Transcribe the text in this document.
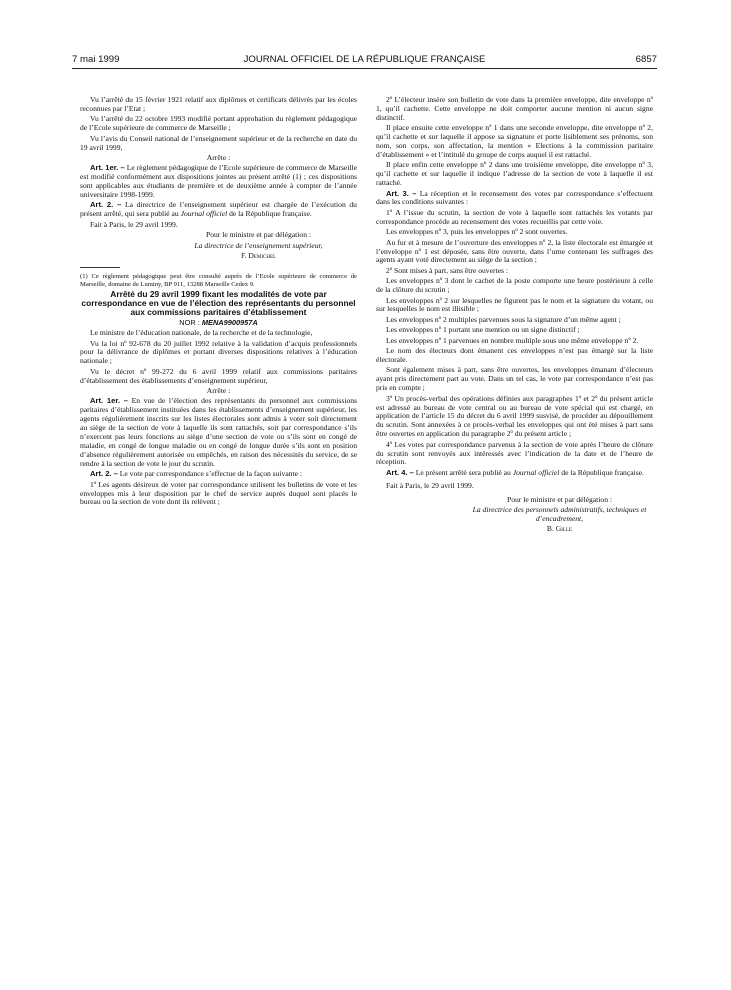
7 mai 1999	JOURNAL OFFICIEL DE LA RÉPUBLIQUE FRANÇAISE	6857

Vu l’arrêté du 15 février 1921 relatif aux diplômes et certificats délivrés par les écoles reconnues par l’Etat ;

Vu l’arrêté du 22 octobre 1993 modifié portant approbation du règlement pédagogique de l’Ecole supérieure de commerce de Marseille ;

Vu l’avis du Conseil national de l’enseignement supérieur et de la recherche en date du 19 avril 1999,

Arrête :

Art. 1er. – Le règlement pédagogique de l’Ecole supérieure de commerce de Marseille est modifié conformément aux dispositions jointes au présent arrêté (1) ; ces dispositions sont applicables aux étudiants de première et de deuxième année à compter de l’année universitaire 1998-1999.

Art. 2. – La directrice de l’enseignement supérieur est chargée de l’exécution du présent arrêté, qui sera publié au Journal officiel de la République française.

Fait à Paris, le 29 avril 1999.

Pour le ministre et par délégation :

La directrice de l’enseignement supérieur,

F. Demichel

(1) Ce règlement pédagogique peut être consulté auprès de l’Ecole supérieure de commerce de Marseille, domaine de Luminy, BP 911, 13288 Marseille Cedex 9.

Arrêté du 29 avril 1999 fixant les modalités de vote par correspondance en vue de l’élection des représentants du personnel aux commissions paritaires d’établissement

NOR : MENA9900957A

Le ministre de l’éducation nationale, de la recherche et de la technologie,

Vu la loi nº 92-678 du 20 juillet 1992 relative à la validation d’acquis professionnels pour la délivrance de diplômes et portant diverses dispositions relatives à l’éducation nationale ;

Vu le décret nº 99-272 du 6 avril 1999 relatif aux commissions paritaires d’établissement des établissements d’enseignement supérieur,

Arrête :

Art. 1er. – En vue de l’élection des représentants du personnel aux commissions paritaires d’établissement instituées dans les établissements d’enseignement supérieur, les agents régulièrement inscrits sur les listes électorales sont admis à voter soit directement au siège de la section de vote à laquelle ils sont rattachés, soit par correspondance s’ils n’exercent pas leurs fonctions au siège d’une section de vote ou s’ils sont en congé de maladie, en congé de longue maladie ou en congé de longue durée s’ils sont en position d’absence régulièrement autorisée ou empêchés, en raison des nécessités du service, de se rendre à la section de vote le jour du scrutin.

Art. 2. – Le vote par correspondance s’effectue de la façon suivante :

1º Les agents désireux de voter par correspondance utilisent les bulletins de vote et les enveloppes mis à leur disposition par le chef de service auprès duquel sont placés le bureau ou la section de vote dont ils relèvent ;

2º L’électeur insère son bulletin de vote dans la première enveloppe, dite enveloppe nº 1, qu’il cachette. Cette enveloppe ne doit comporter aucune mention ni aucun signe distinctif.

Il place ensuite cette enveloppe nº 1 dans une seconde enveloppe, dite enveloppe nº 2, qu’il cachette et sur laquelle il appose sa signature et porte lisiblement ses prénoms, son nom, son corps, son affectation, la mention « Elections à la commission paritaire d’établissement » et l’intitulé du groupe de corps auquel il est rattaché.

Il place enfin cette enveloppe nº 2 dans une troisième enveloppe, dite enveloppe nº 3, qu’il cachette et sur laquelle il indique l’adresse de la section de vote à laquelle il est rattaché.

Art. 3. – La réception et le recensement des votes par correspondance s’effectuent dans les conditions suivantes :

1º A l’issue du scrutin, la section de vote à laquelle sont rattachés les votants par correspondance procède au recensement des votes recueillis par cette voie.

Les enveloppes nº 3, puis les enveloppes nº 2 sont ouvertes.

Au fur et à mesure de l’ouverture des enveloppes nº 2, la liste électorale est émargée et l’enveloppe nº 1 est déposée, sans être ouverte, dans l’urne contenant les suffrages des agents ayant voté directement au siège de la section ;

2º Sont mises à part, sans être ouvertes :

Les enveloppes nº 3 dont le cachet de la poste comporte une heure postérieure à celle de la clôture du scrutin ;

Les enveloppes nº 2 sur lesquelles ne figurent pas le nom et la signature du votant, ou sur lesquelles le nom est illisible ;

Les enveloppes nº 2 multiples parvenues sous la signature d’un même agent ;

Les enveloppes nº 1 portant une mention ou un signe distinctif ;

Les enveloppes nº 1 parvenues en nombre multiple sous une même enveloppe nº 2.

Le nom des électeurs dont émanent ces enveloppes n’est pas émargé sur la liste électorale.

Sont également mises à part, sans être ouvertes, les enveloppes émanant d’électeurs ayant pris directement part au vote. Dans un tel cas, le vote par correspondance n’est pas pris en compte ;

3º Un procès-verbal des opérations définies aux paragraphes 1º et 2º du présent article est adressé au bureau de vote central ou au bureau de vote spécial qui est chargé, en application de l’article 15 du décret du 6 avril 1999 susvisé, de procéder au dépouillement du scrutin. Sont annexées à ce procès-verbal les enveloppes qui ont été mises à part sans être ouvertes en application du paragraphe 2º du présent article ;

4º Les votes par correspondance parvenus à la section de vote après l’heure de clôture du scrutin sont renvoyés aux intéressés avec l’indication de la date et de l’heure de réception.

Art. 4. – Le présent arrêté sera publié au Journal officiel de la République française.

Fait à Paris, le 29 avril 1999.

Pour le ministre et par délégation :

La directrice des personnels administratifs, techniques et d’encadrement,

B. Gille
